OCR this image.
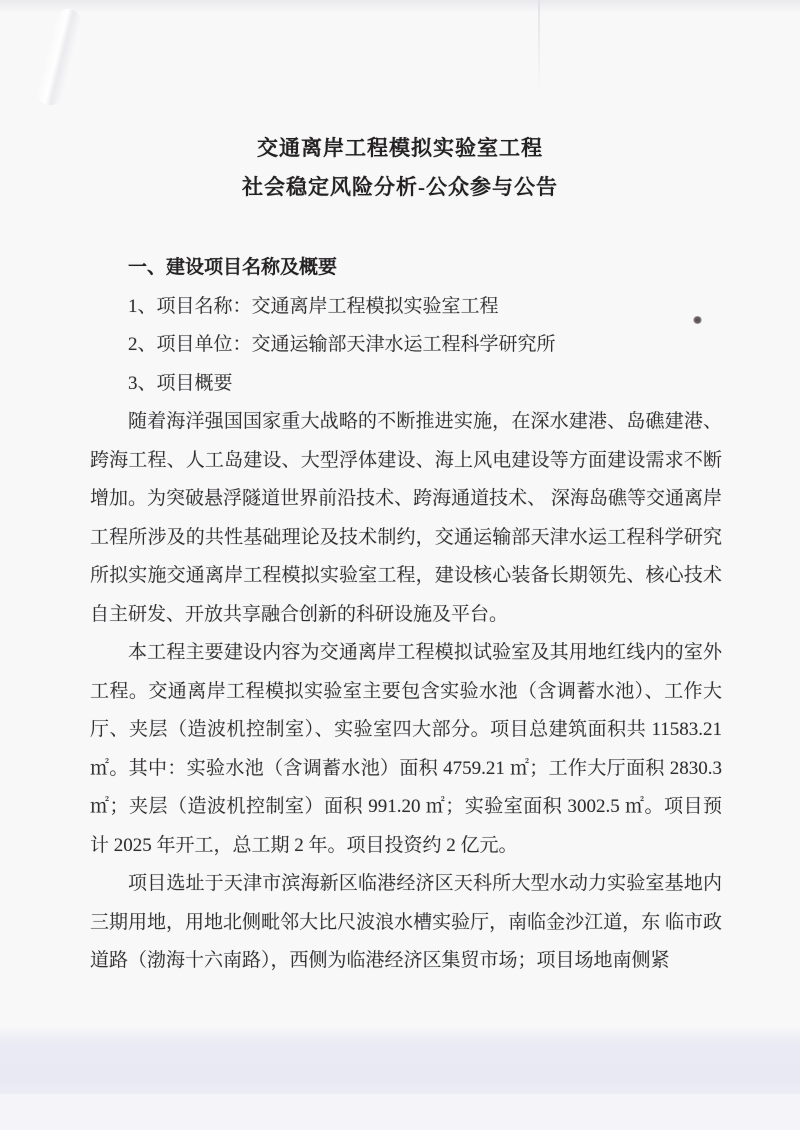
交通离岸工程模拟实验室工程
社会稳定风险分析-公众参与公告
一、建设项目名称及概要

1、项目名称：交通离岸工程模拟实验室工程

2、项目单位：交通运输部天津水运工程科学研究所

3、项目概要

随着海洋强国国家重大战略的不断推进实施，在深水建港、岛礁建港、跨海工程、人工岛建设、大型浮体建设、海上风电建设等方面建设需求不断增加。为突破悬浮隧道世界前沿技术、跨海通道技术、 深海岛礁等交通离岸工程所涉及的共性基础理论及技术制约，交通运输部天津水运工程科学研究所拟实施交通离岸工程模拟实验室工程，建设核心装备长期领先、核心技术自主研发、开放共享融合创新的科研设施及平台。

本工程主要建设内容为交通离岸工程模拟试验室及其用地红线内的室外工程。交通离岸工程模拟实验室主要包含实验水池（含调蓄水池）、工作大厅、夹层（造波机控制室）、实验室四大部分。项目总建筑面积共 11583.21 ㎡。其中：实验水池（含调蓄水池）面积 4759.21 ㎡；工作大厅面积 2830.3 ㎡；夹层（造波机控制室）面积 991.20 ㎡；实验室面积 3002.5 ㎡。项目预计 2025 年开工，总工期 2 年。项目投资约 2 亿元。

项目选址于天津市滨海新区临港经济区天科所大型水动力实验室基地内三期用地，用地北侧毗邻大比尺波浪水槽实验厅，南临金沙江道，东 临市政道路（渤海十六南路），西侧为临港经济区集贸市场；项目场地南侧紧
